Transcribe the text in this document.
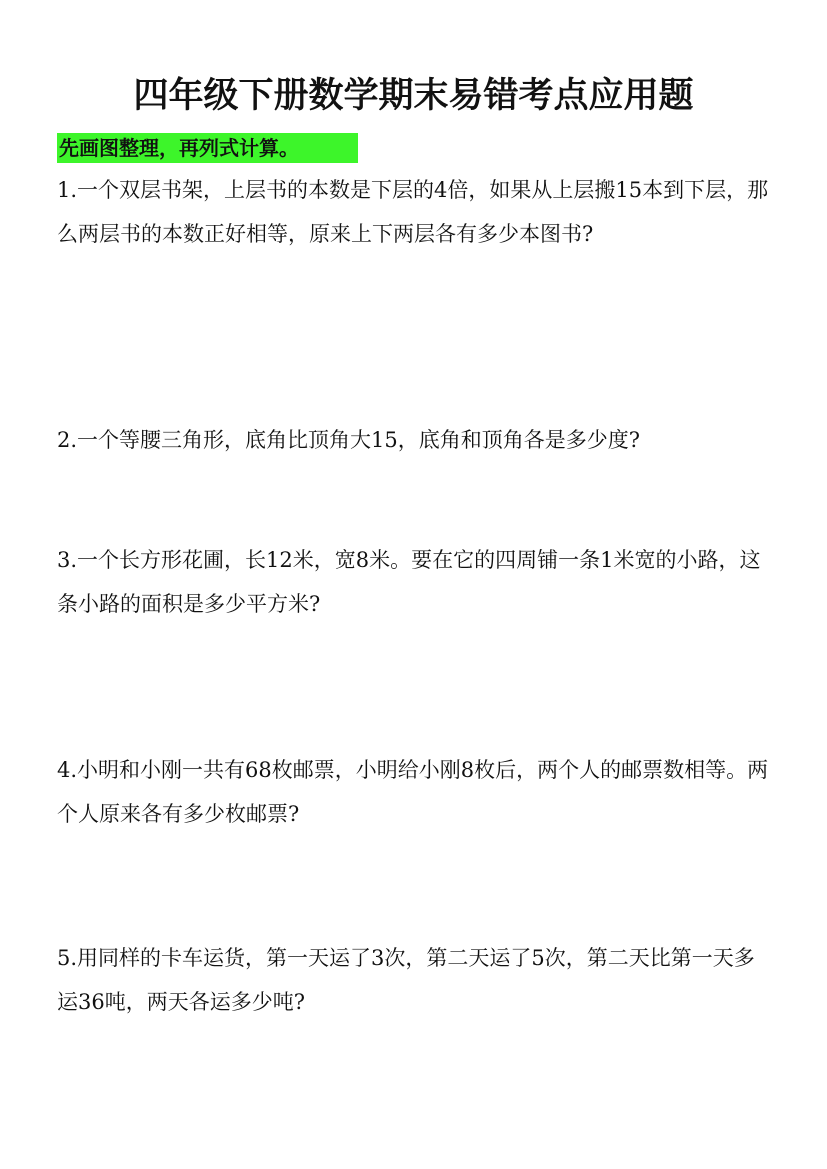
四年级下册数学期末易错考点应用题
先画图整理，再列式计算。

1.一个双层书架，上层书的本数是下层的4倍，如果从上层搬15本到下层，那么两层书的本数正好相等，原来上下两层各有多少本图书?

2.一个等腰三角形，底角比顶角大15，底角和顶角各是多少度?

3.一个长方形花圃，长12米，宽8米。要在它的四周铺一条1米宽的小路，这条小路的面积是多少平方米?

4.小明和小刚一共有68枚邮票，小明给小刚8枚后，两个人的邮票数相等。两个人原来各有多少枚邮票?

5.用同样的卡车运货，第一天运了3次，第二天运了5次，第二天比第一天多运36吨，两天各运多少吨?
